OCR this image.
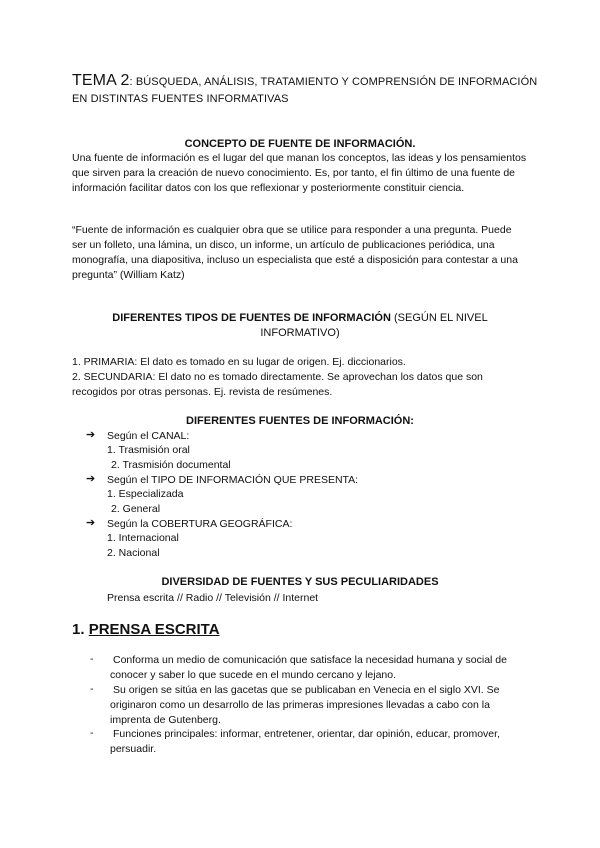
TEMA 2: BÚSQUEDA, ANÁLISIS, TRATAMIENTO Y COMPRENSIÓN DE INFORMACIÓN EN DISTINTAS FUENTES INFORMATIVAS
CONCEPTO DE FUENTE DE INFORMACIÓN.
Una fuente de información es el lugar del que manan los conceptos, las ideas y los pensamientos que sirven para la creación de nuevo conocimiento. Es, por tanto, el fin último de una fuente de información facilitar datos con los que reflexionar y posteriormente constituir ciencia.
“Fuente de información es cualquier obra que se utilice para responder a una pregunta. Puede ser un folleto, una lámina, un disco, un informe, un artículo de publicaciones periódica, una monografía, una diapositiva, incluso un especialista que esté a disposición para contestar a una pregunta” (William Katz)
DIFERENTES TIPOS DE FUENTES DE INFORMACIÓN (SEGÚN EL NIVEL INFORMATIVO)
1. PRIMARIA: El dato es tomado en su lugar de origen. Ej. diccionarios.
2. SECUNDARIA: El dato no es tomado directamente. Se aprovechan los datos que son recogidos por otras personas. Ej. revista de resúmenes.
DIFERENTES FUENTES DE INFORMACIÓN:
➔ Según el CANAL:
1. Trasmisión oral
2. Trasmisión documental
➔ Según el TIPO DE INFORMACIÓN QUE PRESENTA:
1. Especializada
2. General
➔ Según la COBERTURA GEOGRÁFICA:
1. Internacional
2. Nacional
DIVERSIDAD DE FUENTES Y SUS PECULIARIDADES
Prensa escrita // Radio // Televisión // Internet
1. PRENSA ESCRITA
- Conforma un medio de comunicación que satisface la necesidad humana y social de conocer y saber lo que sucede en el mundo cercano y lejano.
- Su origen se sitúa en las gacetas que se publicaban en Venecia en el siglo XVI. Se originaron como un desarrollo de las primeras impresiones llevadas a cabo con la imprenta de Gutenberg.
- Funciones principales: informar, entretener, orientar, dar opinión, educar, promover, persuadir.
